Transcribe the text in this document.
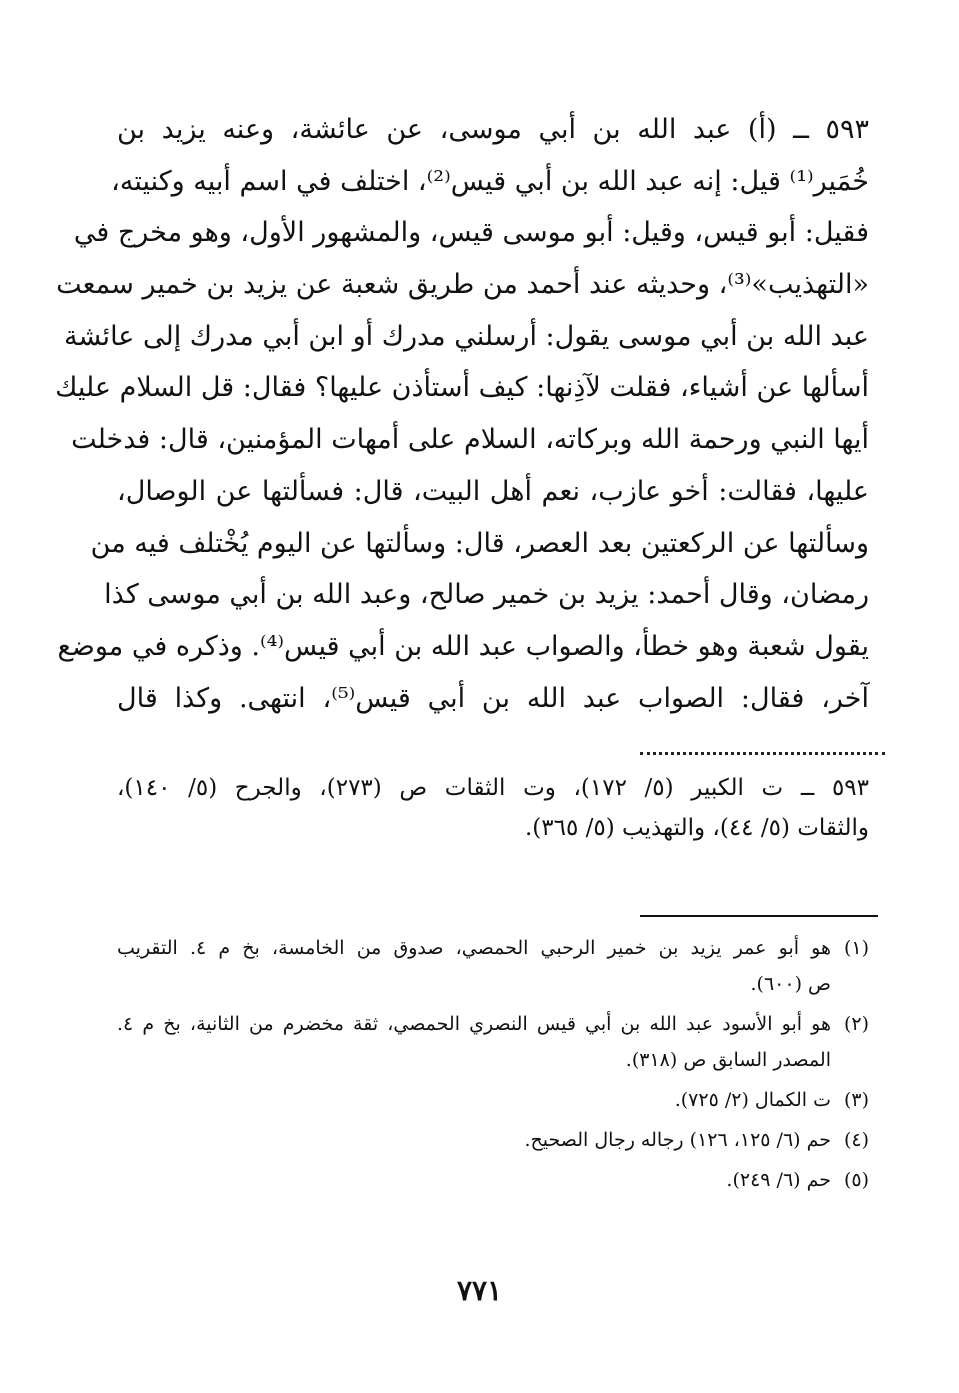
٥٩٣ ــ (أ) عبد الله بن أبي موسى، عن عائشة، وعنه يزيد بن
خُمَير⁽¹⁾ قيل: إنه عبد الله بن أبي قيس⁽²⁾، اختلف في اسم أبيه وكنيته،
فقيل: أبو قيس، وقيل: أبو موسى قيس، والمشهور الأول، وهو مخرج في
«التهذيب»⁽³⁾، وحديثه عند أحمد من طريق شعبة عن يزيد بن خمير سمعت
عبد الله بن أبي موسى يقول: أرسلني مدرك أو ابن أبي مدرك إلى عائشة
أسألها عن أشياء، فقلت لآذِنها: كيف أستأذن عليها؟ فقال: قل السلام عليك
أيها النبي ورحمة الله وبركاته، السلام على أمهات المؤمنين، قال: فدخلت
عليها، فقالت: أخو عازب، نعم أهل البيت، قال: فسألتها عن الوصال،
وسألتها عن الركعتين بعد العصر، قال: وسألتها عن اليوم يُخْتلف فيه من
رمضان، وقال أحمد: يزيد بن خمير صالح، وعبد الله بن أبي موسى كذا
يقول شعبة وهو خطأ، والصواب عبد الله بن أبي قيس⁽⁴⁾. وذكره في موضع
آخر، فقال: الصواب عبد الله بن أبي قيس⁽⁵⁾، انتهى. وكذا قال
٥٩٣ ــ ت الكبير (٥/ ١٧٢)، وت الثقات ص (٢٧٣)، والجرح (٥/ ١٤٠)،
والثقات (٥/ ٤٤)، والتهذيب (٥/ ٣٦٥).
(١)
هو أبو عمر يزيد بن خمير الرحبي الحمصي، صدوق من الخامسة، بخ م ٤. التقريب
ص (٦٠٠).
(٢)
هو أبو الأسود عبد الله بن أبي قيس النصري الحمصي، ثقة مخضرم من الثانية، بخ م ٤.
المصدر السابق ص (٣١٨).
(٣)
ت الكمال (٢/ ٧٢٥).
(٤)
حم (٦/ ١٢٥، ١٢٦) رجاله رجال الصحيح.
(٥)
حم (٦/ ٢٤٩).
٧٧١
